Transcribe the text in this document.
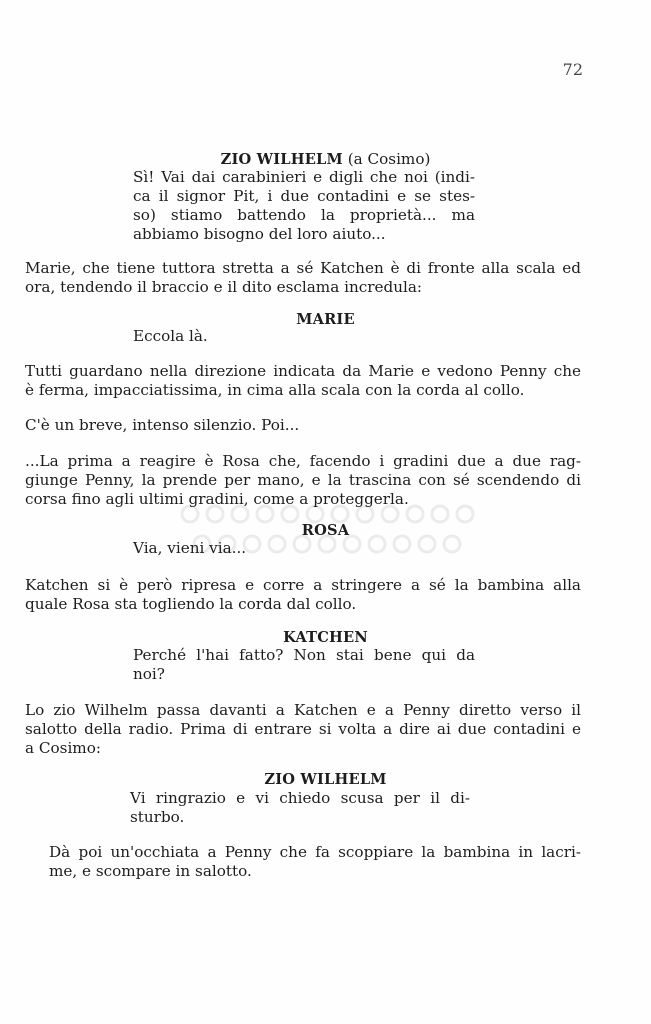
72
ZIO WILHELM (a Cosimo)
Sì! Vai dai carabinieri e digli che noi (indi-
ca il signor Pit, i due contadini e se stes-
so) stiamo battendo la proprietà... ma
abbiamo bisogno del loro aiuto...
Marie, che tiene tuttora stretta a sé Katchen è di fronte alla scala ed
ora, tendendo il braccio e il dito esclama incredula:
MARIE
Eccola là.
Tutti guardano nella direzione indicata da Marie e vedono Penny che
è ferma, impacciatissima, in cima alla scala con la corda al collo.
C'è un breve, intenso silenzio. Poi...
...La prima a reagire è Rosa che, facendo i gradini due a due rag-
giunge Penny, la prende per mano, e la trascina con sé scendendo di
corsa fino agli ultimi gradini, come a proteggerla.
ROSA
Via, vieni via...
Katchen si è però ripresa e corre a stringere a sé la bambina alla
quale Rosa sta togliendo la corda dal collo.
KATCHEN
Perché l'hai fatto? Non stai bene qui da
noi?
Lo zio Wilhelm passa davanti a Katchen e a Penny diretto verso il
salotto della radio. Prima di entrare si volta a dire ai due contadini e
a Cosimo:
ZIO WILHELM
Vi ringrazio e vi chiedo scusa per il di-
sturbo.
Dà poi un'occhiata a Penny che fa scoppiare la bambina in lacri-
me, e scompare in salotto.
